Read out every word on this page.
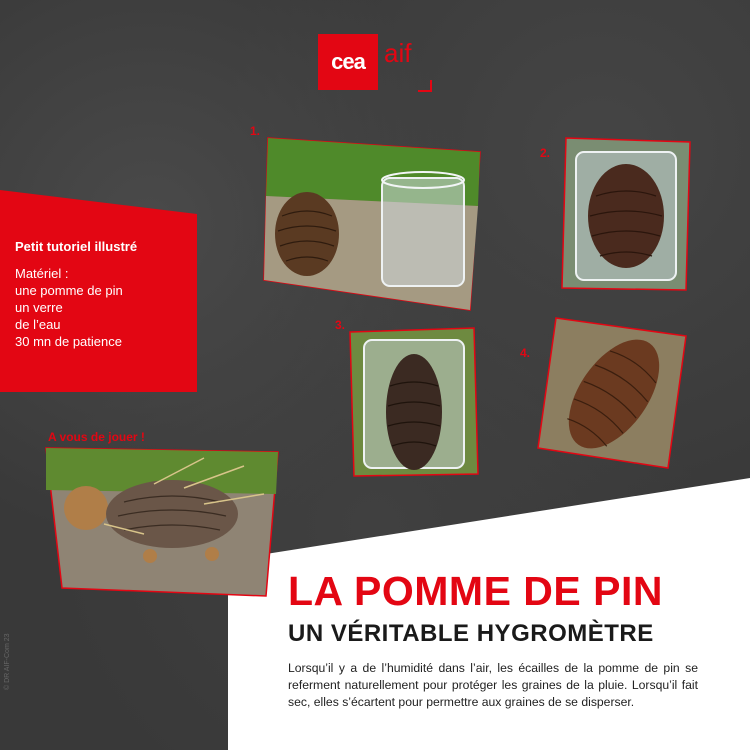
cea aif
Petit tutoriel illustré
Matériel :
une pomme de pin
un verre
de l’eau
30 mn de patience
1.
2.
3.
4.
A vous de jouer !
LA POMME DE PIN
UN VÉRITABLE HYGROMÈTRE
Lorsqu’il y a de l’humidité dans l’air, les écailles de la pomme de pin se referment naturellement pour protéger les graines de la pluie. Lorsqu’il fait sec, elles s’écartent pour permettre aux graines de se disperser.
© DR AIF-Com 23
